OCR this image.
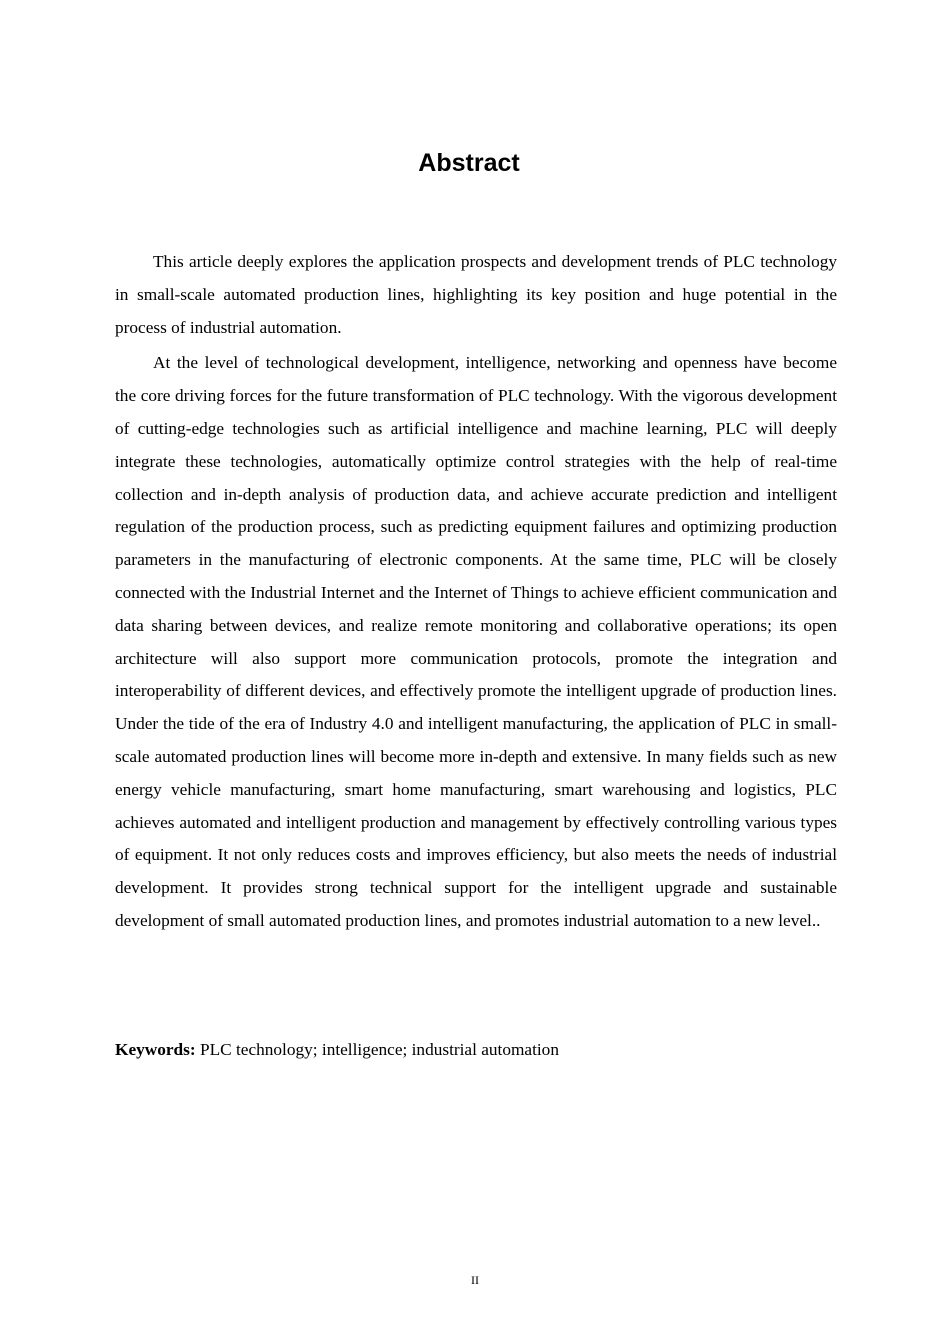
Abstract

This article deeply explores the application prospects and development trends of PLC technology in small-scale automated production lines, highlighting its key position and huge potential in the process of industrial automation.

At the level of technological development, intelligence, networking and openness have become the core driving forces for the future transformation of PLC technology. With the vigorous development of cutting-edge technologies such as artificial intelligence and machine learning, PLC will deeply integrate these technologies, automatically optimize control strategies with the help of real-time collection and in-depth analysis of production data, and achieve accurate prediction and intelligent regulation of the production process, such as predicting equipment failures and optimizing production parameters in the manufacturing of electronic components. At the same time, PLC will be closely connected with the Industrial Internet and the Internet of Things to achieve efficient communication and data sharing between devices, and realize remote monitoring and collaborative operations; its open architecture will also support more communication protocols, promote the integration and interoperability of different devices, and effectively promote the intelligent upgrade of production lines. Under the tide of the era of Industry 4.0 and intelligent manufacturing, the application of PLC in small-scale automated production lines will become more in-depth and extensive. In many fields such as new energy vehicle manufacturing, smart home manufacturing, smart warehousing and logistics, PLC achieves automated and intelligent production and management by effectively controlling various types of equipment. It not only reduces costs and improves efficiency, but also meets the needs of industrial development. It provides strong technical support for the intelligent upgrade and sustainable development of small automated production lines, and promotes industrial automation to a new level..

Keywords: PLC technology; intelligence; industrial automation

II
